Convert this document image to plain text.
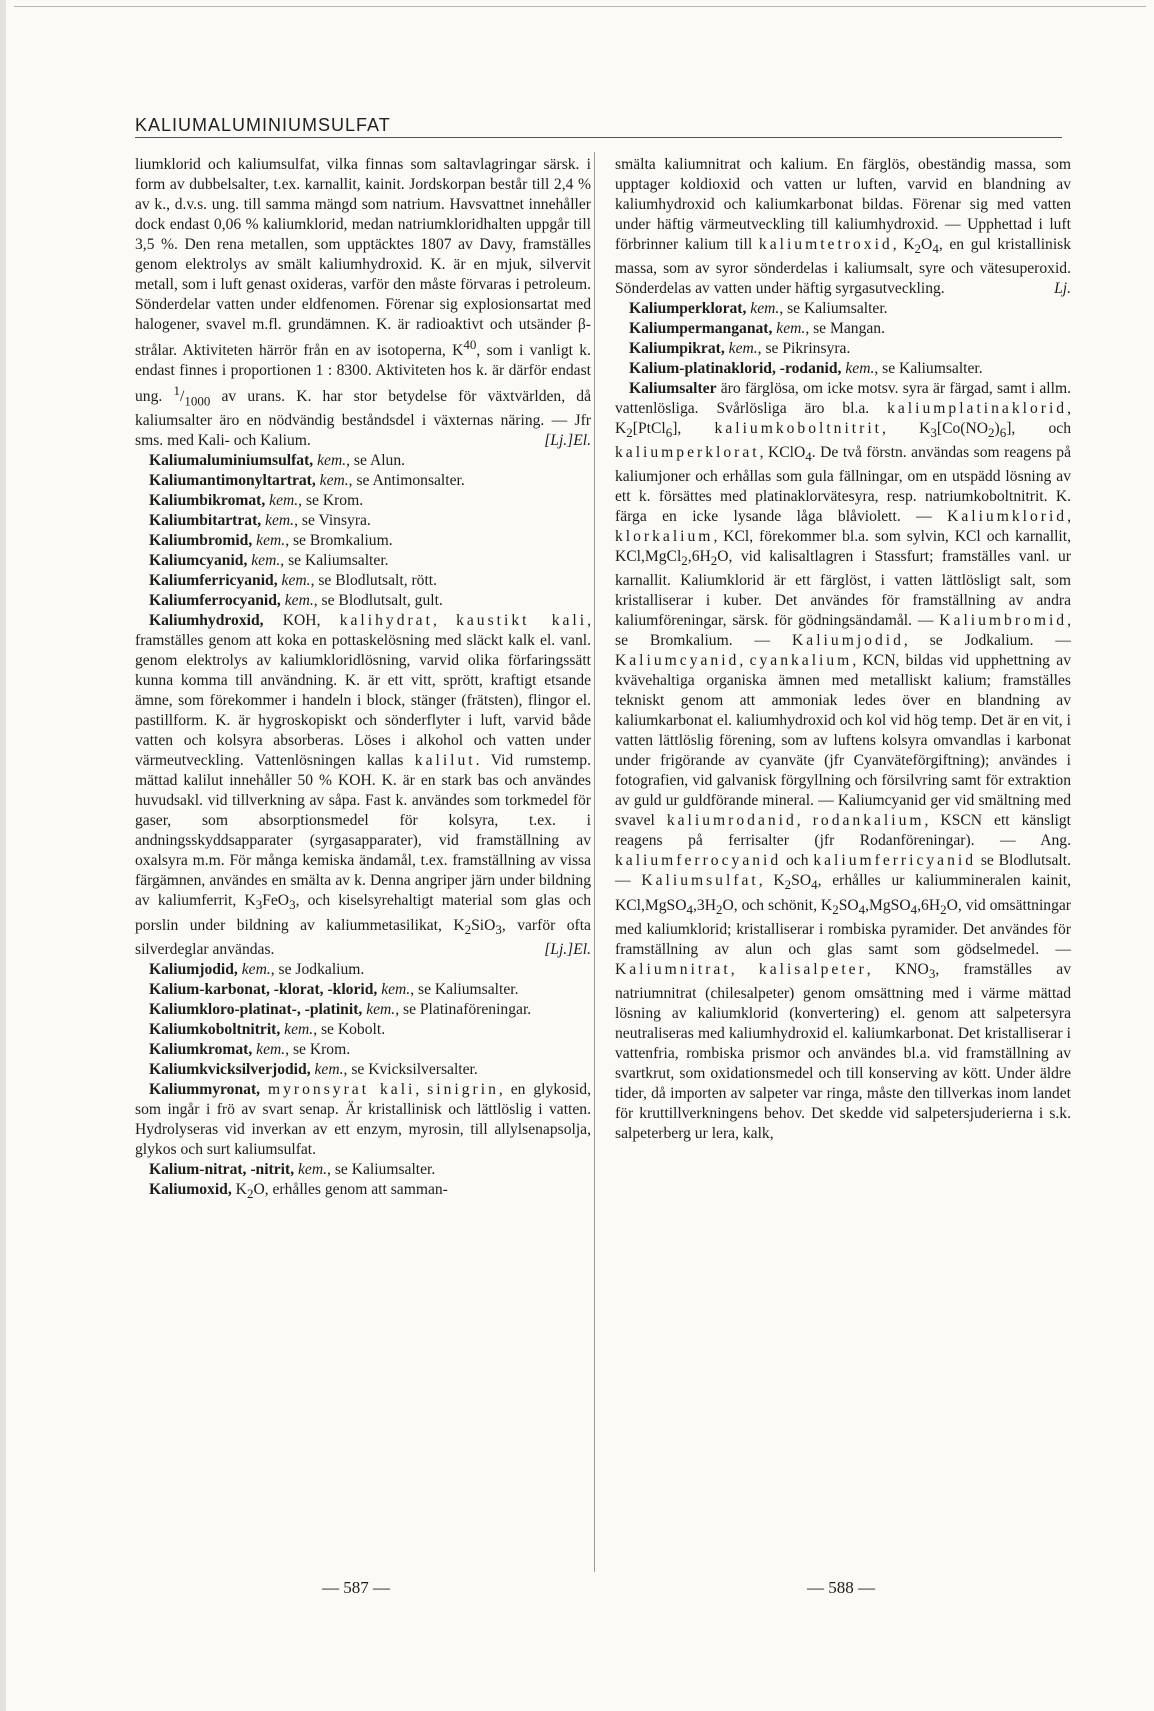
KALIUMALUMINIUMSULFAT

liumklorid och kaliumsulfat, vilka finnas som saltavlagringar särsk. i form av dubbelsalter, t.ex. karnallit, kainit. Jordskorpan består till 2,4 % av k., d.v.s. ung. till samma mängd som natrium. Havsvattnet innehåller dock endast 0,06 % kaliumklorid, medan natriumkloridhalten uppgår till 3,5 %. Den rena metallen, som upptäcktes 1807 av Davy, framställes genom elektrolys av smält kaliumhydroxid. K. är en mjuk, silvervit metall, som i luft genast oxideras, varför den måste förvaras i petroleum. Sönderdelar vatten under eldfenomen. Förenar sig explosionsartat med halogener, svavel m.fl. grundämnen. K. är radioaktivt och utsänder β-strålar. Aktiviteten härrör från en av isotoperna, $K^{40}$, som i vanligt k. endast finnes i proportionen 1 : 8300. Aktiviteten hos k. är därför endast ung. $^1/_{1000}$ av urans. K. har stor betydelse för växtvärlden, då kaliumsalter äro en nödvändig beståndsdel i växternas näring. — Jfr sms. med Kali- och Kalium.	[Lj.]El.

Kaliumaluminiumsulfat, kem., se Alun.

Kaliumantimonyltartrat, kem., se Antimonsalter.

Kaliumbikromat, kem., se Krom.

Kaliumbitartrat, kem., se Vinsyra.

Kaliumbromid, kem., se Bromkalium.

Kaliumcyanid, kem., se Kaliumsalter.

Kaliumferricyanid, kem., se Blodlutsalt, rött.

Kaliumferrocyanid, kem., se Blodlutsalt, gult.

Kaliumhydroxid, KOH, kalihydrat, kaustikt kali, framställes genom att koka en pottaskelösning med släckt kalk el. vanl. genom elektrolys av kaliumkloridlösning, varvid olika förfaringssätt kunna komma till användning. K. är ett vitt, sprött, kraftigt etsande ämne, som förekommer i handeln i block, stänger (frätsten), flingor el. pastillform. K. är hygroskopiskt och sönderflyter i luft, varvid både vatten och kolsyra absorberas. Löses i alkohol och vatten under värmeutveckling. Vattenlösningen kallas kalilut. Vid rumstemp. mättad kalilut innehåller 50 % KOH. K. är en stark bas och användes huvudsakl. vid tillverkning av såpa. Fast k. användes som torkmedel för gaser, som absorptionsmedel för kolsyra, t.ex. i andningsskyddsapparater (syrgasapparater), vid framställning av oxalsyra m.m. För många kemiska ändamål, t.ex. framställning av vissa färgämnen, användes en smälta av k. Denna angriper järn under bildning av kaliumferrit, $K_3FeO_3$, och kiselsyrehaltigt material som glas och porslin under bildning av kaliummetasilikat, $K_2SiO_3$, varför ofta silverdeglar användas.	[Lj.]El.

Kaliumjodid, kem., se Jodkalium.

Kalium-karbonat, -klorat, -klorid, kem., se Kaliumsalter.

Kaliumkloro-platinat-, -platinit, kem., se Platinaföreningar.

Kaliumkoboltnitrit, kem., se Kobolt.

Kaliumkromat, kem., se Krom.

Kaliumkvicksilverjodid, kem., se Kvicksilversalter.

Kaliummyronat, myronsyrat kali, sinigrin, en glykosid, som ingår i frö av svart senap. Är kristallinisk och lättlöslig i vatten. Hydrolyseras vid inverkan av ett enzym, myrosin, till allylsenapsolja, glykos och surt kaliumsulfat.

Kalium-nitrat, -nitrit, kem., se Kaliumsalter.

Kaliumoxid, $K_2O$, erhålles genom att samman-

smälta kaliumnitrat och kalium. En färglös, obeständig massa, som upptager koldioxid och vatten ur luften, varvid en blandning av kaliumhydroxid och kaliumkarbonat bildas. Förenar sig med vatten under häftig värmeutveckling till kaliumhydroxid. — Upphettad i luft förbrinner kalium till kaliumtetroxid, $K_2O_4$, en gul kristallinisk massa, som av syror sönderdelas i kaliumsalt, syre och vätesuperoxid. Sönderdelas av vatten under häftig syrgasutveckling.	Lj.

Kaliumperklorat, kem., se Kaliumsalter.

Kaliumpermanganat, kem., se Mangan.

Kaliumpikrat, kem., se Pikrinsyra.

Kalium-platinaklorid, -rodanid, kem., se Kaliumsalter.

Kaliumsalter äro färglösa, om icke motsv. syra är färgad, samt i allm. vattenlösliga. Svårlösliga äro bl.a. kaliumplatinaklorid, $K_2[PtCl_6]$, kaliumkoboltnitrit, $K_3[Co(NO_2)_6]$, och kaliumperklorat, KClO$_4$. De två förstn. användas som reagens på kaliumjoner och erhållas som gula fällningar, om en utspädd lösning av ett k. försättes med platinaklorvätesyra, resp. natriumkoboltnitrit. K. färga en icke lysande låga blåviolett. — Kaliumklorid, klorkalium, KCl, förekommer bl.a. som sylvin, KCl och karnallit, $KCl,MgCl_2,6H_2O$, vid kalisaltlagren i Stassfurt; framställes vanl. ur karnallit. Kaliumklorid är ett färglöst, i vatten lättlösligt salt, som kristalliserar i kuber. Det användes för framställning av andra kaliumföreningar, särsk. för gödningsändamål. — Kaliumbromid, se Bromkalium. — Kaliumjodid, se Jodkalium. — Kaliumcyanid, cyankalium, KCN, bildas vid upphettning av kvävehaltiga organiska ämnen med metalliskt kalium; framställes tekniskt genom att ammoniak ledes över en blandning av kaliumkarbonat el. kaliumhydroxid och kol vid hög temp. Det är en vit, i vatten lättlöslig förening, som av luftens kolsyra omvandlas i karbonat under frigörande av cyanväte (jfr Cyanväteförgiftning); användes i fotografien, vid galvanisk förgyllning och försilvring samt för extraktion av guld ur guldförande mineral. — Kaliumcyanid ger vid smältning med svavel kaliumrodanid, rodankalium, KSCN ett känsligt reagens på ferrisalter (jfr Rodanföreningar). — Ang. kaliumferrocyanid och kaliumferricyanid se Blodlutsalt. — Kaliumsulfat, $K_2SO_4$, erhålles ur kaliummineralen kainit, $KCl,MgSO_4,3H_2O$, och schönit, $K_2SO_4,MgSO_4,6H_2O$, vid omsättningar med kaliumklorid; kristalliserar i rombiska pyramider. Det användes för framställning av alun och glas samt som gödselmedel. — Kaliumnitrat, kalisalpeter, $KNO_3$, framställes av natriumnitrat (chilesalpeter) genom omsättning med i värme mättad lösning av kaliumklorid (konvertering) el. genom att salpetersyra neutraliseras med kaliumhydroxid el. kaliumkarbonat. Det kristalliserar i vattenfria, rombiska prismor och användes bl.a. vid framställning av svartkrut, som oxidationsmedel och till konserving av kött. Under äldre tider, då importen av salpeter var ringa, måste den tillverkas inom landet för kruttillverkningens behov. Det skedde vid salpetersjuderierna i s.k. salpeterberg ur lera, kalk,

— 587 —	— 588 —
